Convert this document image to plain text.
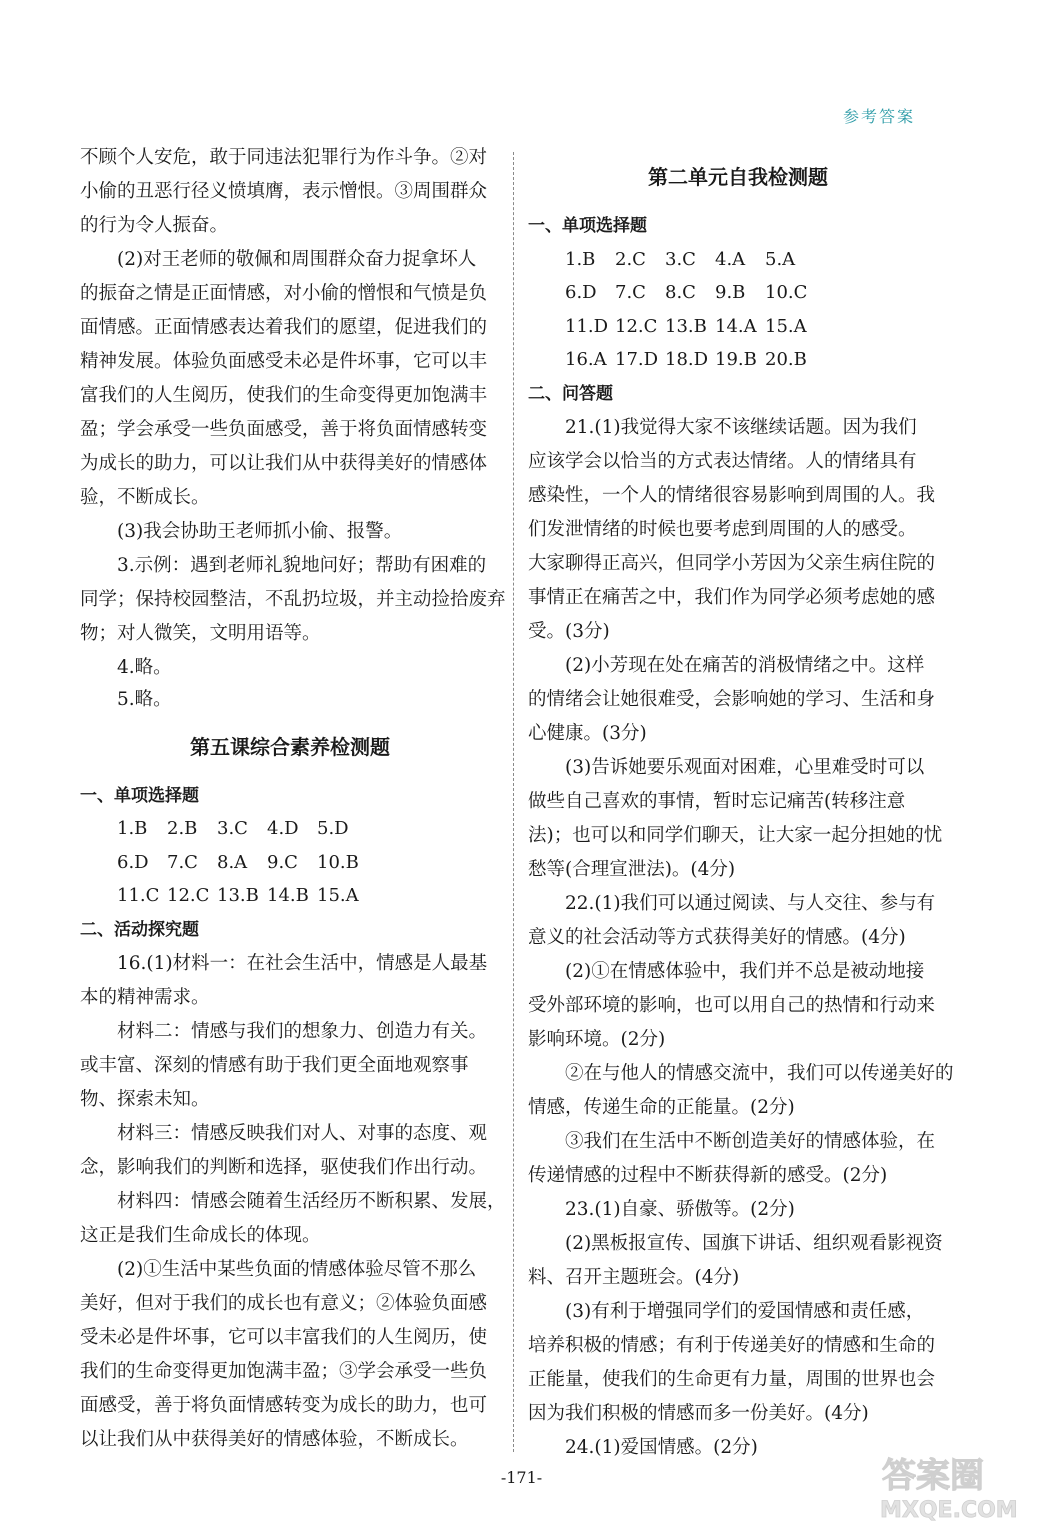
参考答案
不顾个人安危，敢于同违法犯罪行为作斗争。②对
小偷的丑恶行径义愤填膺，表示憎恨。③周围群众
的行为令人振奋。
(2)对王老师的敬佩和周围群众奋力捉拿坏人
的振奋之情是正面情感，对小偷的憎恨和气愤是负
面情感。正面情感表达着我们的愿望，促进我们的
精神发展。体验负面感受未必是件坏事，它可以丰
富我们的人生阅历，使我们的生命变得更加饱满丰
盈；学会承受一些负面感受，善于将负面情感转变
为成长的助力，可以让我们从中获得美好的情感体
验，不断成长。
(3)我会协助王老师抓小偷、报警。
3.示例：遇到老师礼貌地问好；帮助有困难的
同学；保持校园整洁，不乱扔垃圾，并主动捡拾废弃
物；对人微笑，文明用语等。
4.略。
5.略。
第五课综合素养检测题
一、单项选择题
1.B 2.B 3.C 4.D 5.D
6.D 7.C 8.A 9.C 10.B
11.C 12.C 13.B 14.B 15.A
二、活动探究题
16.(1)材料一：在社会生活中，情感是人最基
本的精神需求。
材料二：情感与我们的想象力、创造力有关。
或丰富、深刻的情感有助于我们更全面地观察事
物、探索未知。
材料三：情感反映我们对人、对事的态度、观
念，影响我们的判断和选择，驱使我们作出行动。
材料四：情感会随着生活经历不断积累、发展，
这正是我们生命成长的体现。
(2)①生活中某些负面的情感体验尽管不那么
美好，但对于我们的成长也有意义；②体验负面感
受未必是件坏事，它可以丰富我们的人生阅历，使
我们的生命变得更加饱满丰盈；③学会承受一些负
面感受，善于将负面情感转变为成长的助力，也可
以让我们从中获得美好的情感体验，不断成长。
第二单元自我检测题
一、单项选择题
1.B 2.C 3.C 4.A 5.A
6.D 7.C 8.C 9.B 10.C
11.D 12.C 13.B 14.A 15.A
16.A 17.D 18.D 19.B 20.B
二、问答题
21.(1)我觉得大家不该继续话题。因为我们
应该学会以恰当的方式表达情绪。人的情绪具有
感染性，一个人的情绪很容易影响到周围的人。我
们发泄情绪的时候也要考虑到周围的人的感受。
大家聊得正高兴，但同学小芳因为父亲生病住院的
事情正在痛苦之中，我们作为同学必须考虑她的感
受。(3分)
(2)小芳现在处在痛苦的消极情绪之中。这样
的情绪会让她很难受，会影响她的学习、生活和身
心健康。(3分)
(3)告诉她要乐观面对困难，心里难受时可以
做些自己喜欢的事情，暂时忘记痛苦(转移注意
法)；也可以和同学们聊天，让大家一起分担她的忧
愁等(合理宣泄法)。(4分)
22.(1)我们可以通过阅读、与人交往、参与有
意义的社会活动等方式获得美好的情感。(4分)
(2)①在情感体验中，我们并不总是被动地接
受外部环境的影响，也可以用自己的热情和行动来
影响环境。(2分)
②在与他人的情感交流中，我们可以传递美好的
情感，传递生命的正能量。(2分)
③我们在生活中不断创造美好的情感体验，在
传递情感的过程中不断获得新的感受。(2分)
23.(1)自豪、骄傲等。(2分)
(2)黑板报宣传、国旗下讲话、组织观看影视资
料、召开主题班会。(4分)
(3)有利于增强同学们的爱国情感和责任感，
培养积极的情感；有利于传递美好的情感和生命的
正能量，使我们的生命更有力量，周围的世界也会
因为我们积极的情感而多一份美好。(4分)
24.(1)爱国情感。(2分)
-171-	答案圈
MXQE.COM
